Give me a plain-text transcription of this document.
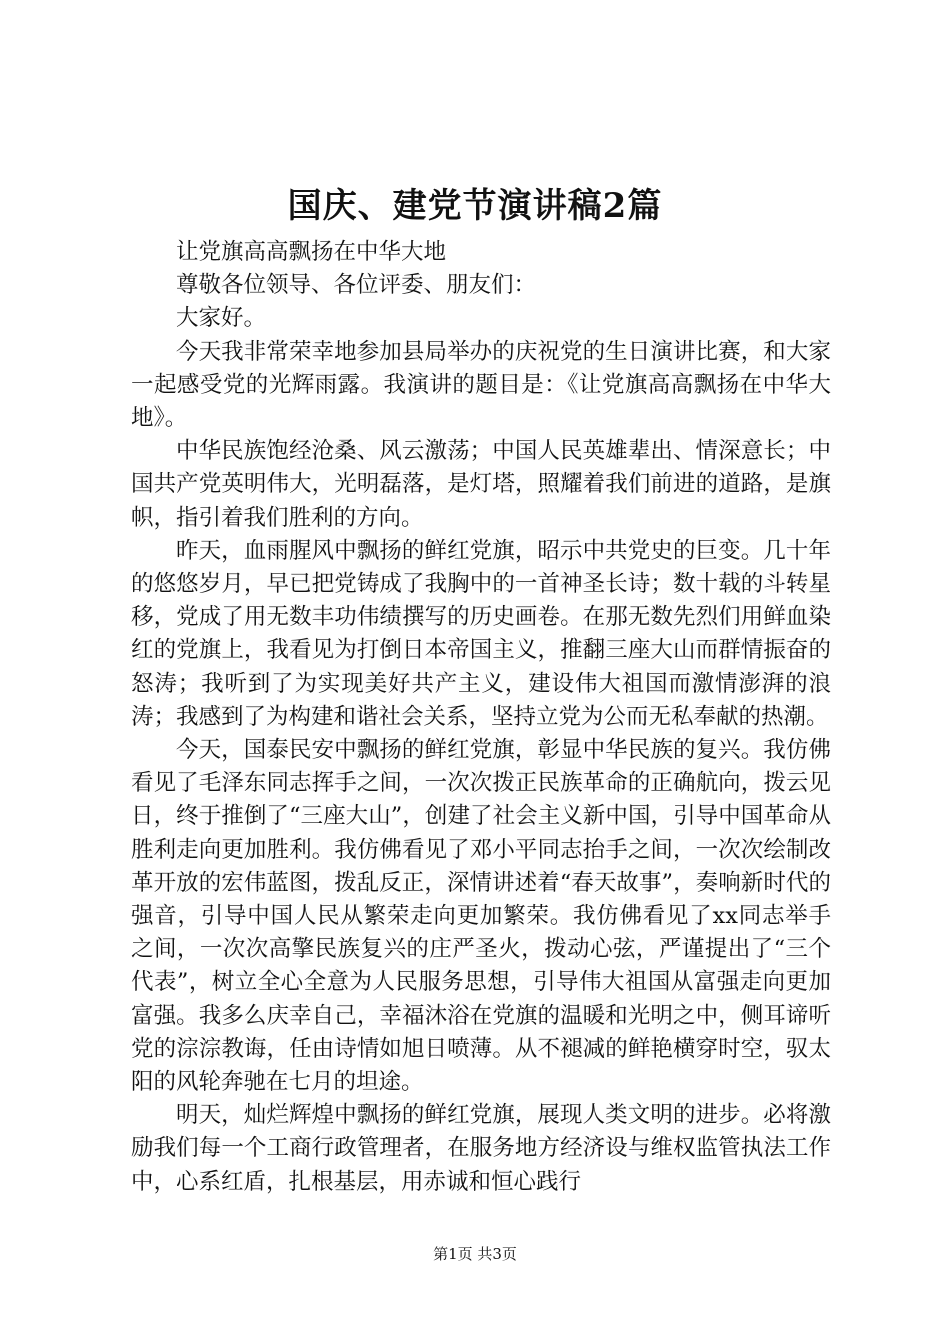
国庆、建党节演讲稿2篇

让党旗高高飘扬在中华大地

尊敬各位领导、各位评委、朋友们：

大家好。

今天我非常荣幸地参加县局举办的庆祝党的生日演讲比赛，和大家一起感受党的光辉雨露。我演讲的题目是：《让党旗高高飘扬在中华大地》。

中华民族饱经沧桑、风云激荡；中国人民英雄辈出、情深意长；中国共产党英明伟大，光明磊落，是灯塔，照耀着我们前进的道路，是旗帜，指引着我们胜利的方向。

昨天，血雨腥风中飘扬的鲜红党旗，昭示中共党史的巨变。几十年的悠悠岁月，早已把党铸成了我胸中的一首神圣长诗；数十载的斗转星移，党成了用无数丰功伟绩撰写的历史画卷。在那无数先烈们用鲜血染红的党旗上，我看见为打倒日本帝国主义，推翻三座大山而群情振奋的怒涛；我听到了为实现美好共产主义，建设伟大祖国而激情澎湃的浪涛；我感到了为构建和谐社会关系，坚持立党为公而无私奉献的热潮。

今天，国泰民安中飘扬的鲜红党旗，彰显中华民族的复兴。我仿佛看见了毛泽东同志挥手之间，一次次拨正民族革命的正确航向，拨云见日，终于推倒了“三座大山”，创建了社会主义新中国，引导中国革命从胜利走向更加胜利。我仿佛看见了邓小平同志抬手之间，一次次绘制改革开放的宏伟蓝图，拨乱反正，深情讲述着“春天故事”，奏响新时代的强音，引导中国人民从繁荣走向更加繁荣。我仿佛看见了xx同志举手之间，一次次高擎民族复兴的庄严圣火，拨动心弦，严谨提出了“三个代表”，树立全心全意为人民服务思想，引导伟大祖国从富强走向更加富强。我多么庆幸自己，幸福沐浴在党旗的温暖和光明之中，侧耳谛听党的淙淙教诲，任由诗情如旭日喷薄。从不褪减的鲜艳横穿时空，驭太阳的风轮奔驰在七月的坦途。

明天，灿烂辉煌中飘扬的鲜红党旗，展现人类文明的进步。必将激励我们每一个工商行政管理者，在服务地方经济设与维权监管执法工作中，心系红盾，扎根基层，用赤诚和恒心践行

第1页 共3页
